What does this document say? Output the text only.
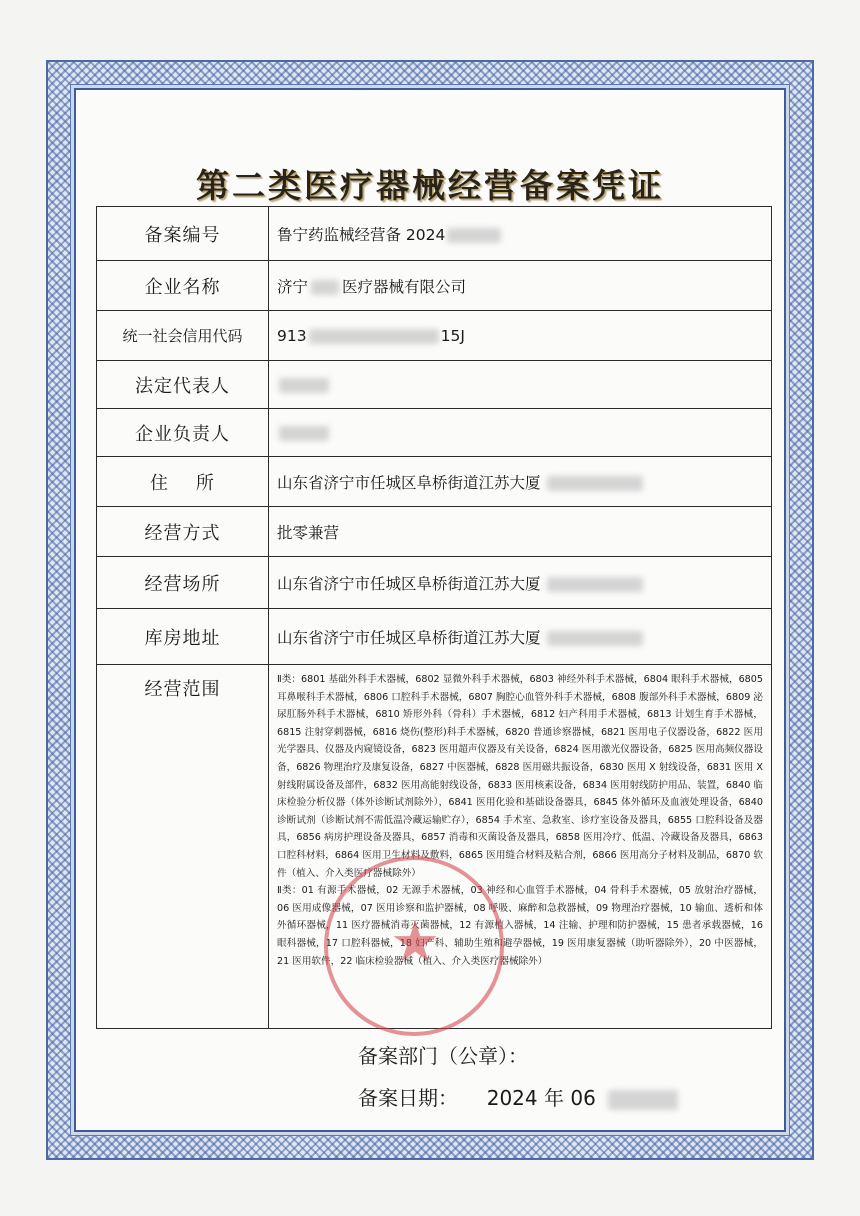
第二类医疗器械经营备案凭证
备案编号	鲁宁药监械经营备 2024
企业名称	济宁 医疗器械有限公司
统一社会信用代码	913 15J
法定代表人	
企业负责人	
住    所	山东省济宁市任城区阜桥街道江苏大厦
经营方式	批零兼营
经营场所	山东省济宁市任城区阜桥街道江苏大厦
库房地址	山东省济宁市任城区阜桥街道江苏大厦
经营范围	Ⅱ类：6801 基础外科手术器械，6802 显微外科手术器械，6803 神经外科手术器械，6804 眼科手术器械，6805 耳鼻喉科手术器械，6806 口腔科手术器械，6807 胸腔心血管外科手术器械，6808 腹部外科手术器械，6809 泌尿肛肠外科手术器械，6810 矫形外科（骨科）手术器械，6812 妇产科用手术器械，6813 计划生育手术器械，6815 注射穿刺器械，6816 烧伤(整形)科手术器械，6820 普通诊察器械，6821 医用电子仪器设备，6822 医用光学器具、仪器及内窥镜设备，6823 医用超声仪器及有关设备，6824 医用激光仪器设备，6825 医用高频仪器设备，6826 物理治疗及康复设备，6827 中医器械，6828 医用磁共振设备，6830 医用 X 射线设备，6831 医用 X 射线附属设备及部件，6832 医用高能射线设备，6833 医用核素设备，6834 医用射线防护用品、装置，6840 临床检验分析仪器（体外诊断试剂除外），6841 医用化验和基础设备器具，6845 体外循环及血液处理设备，6840 诊断试剂（诊断试剂不需低温冷藏运输贮存），6854 手术室、急救室、诊疗室设备及器具，6855 口腔科设备及器具，6856 病房护理设备及器具，6857 消毒和灭菌设备及器具，6858 医用冷疗、低温、冷藏设备及器具，6863 口腔科材料，6864 医用卫生材料及敷料，6865 医用缝合材料及粘合剂，6866 医用高分子材料及制品，6870 软件（植入、介入类医疗器械除外）

Ⅱ类：01 有源手术器械，02 无源手术器械，03 神经和心血管手术器械，04 骨科手术器械，05 放射治疗器械，06 医用成像器械，07 医用诊察和监护器械，08 呼吸、麻醉和急救器械，09 物理治疗器械，10 输血、透析和体外循环器械，11 医疗器械消毒灭菌器械，12 有源植入器械，14 注输、护理和防护器械，15 患者承载器械，16 眼科器械，17 口腔科器械，18 妇产科、辅助生殖和避孕器械，19 医用康复器械（助听器除外），20 中医器械，21 医用软件，22 临床检验器械（植入、介入类医疗器械除外）

★
备案部门（公章）：
备案日期： 2024 年 06
